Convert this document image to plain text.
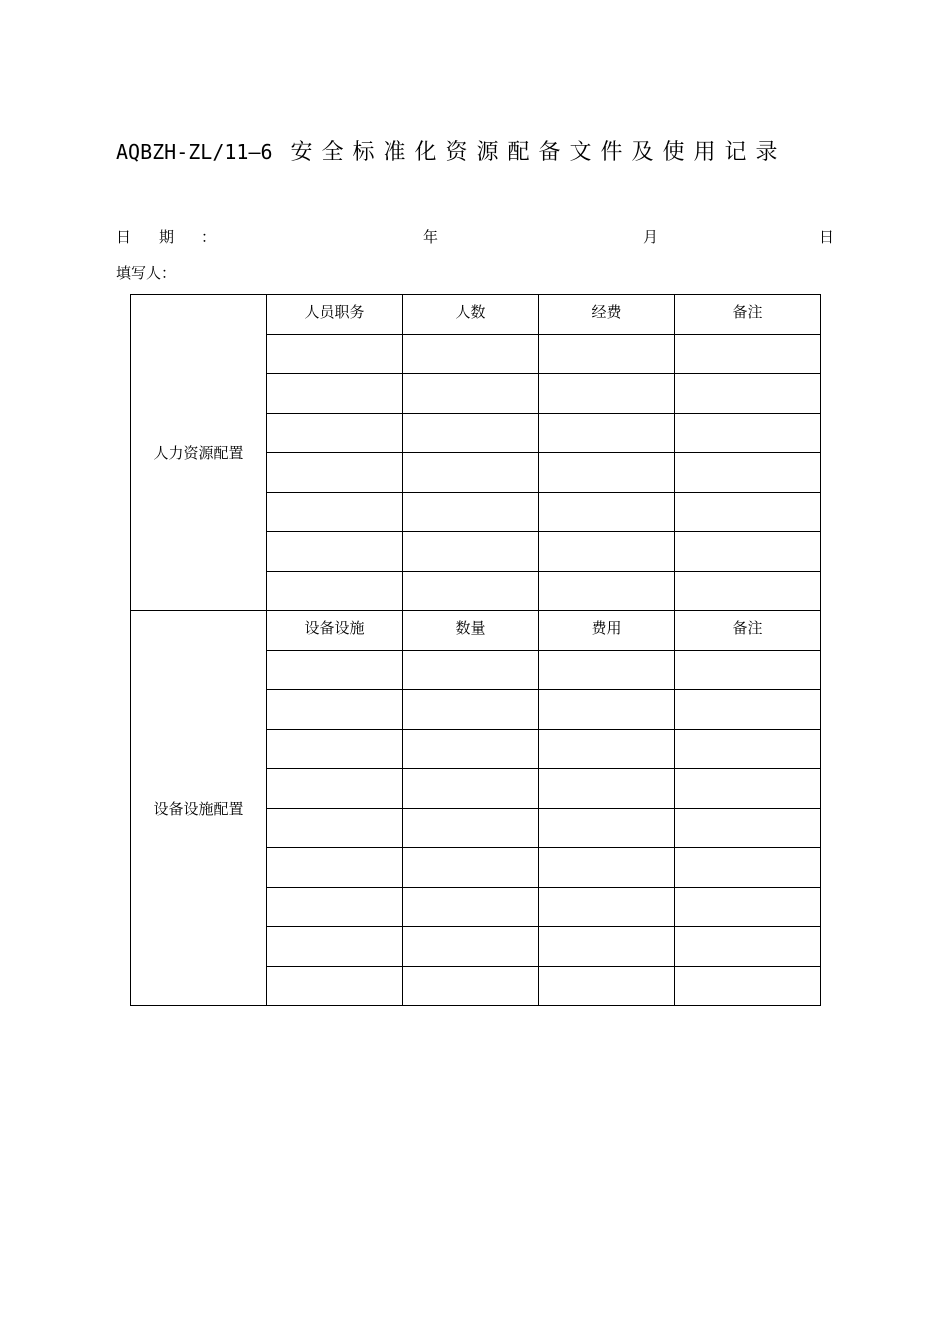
AQBZH-ZL/11—6 安全标准化资源配备文件及使用记录
日 期 ：	年	月	日
填写人：
人力资源配置	人员职务	人数	经费	备注

设备设施配置	设备设施	数量	费用	备注
